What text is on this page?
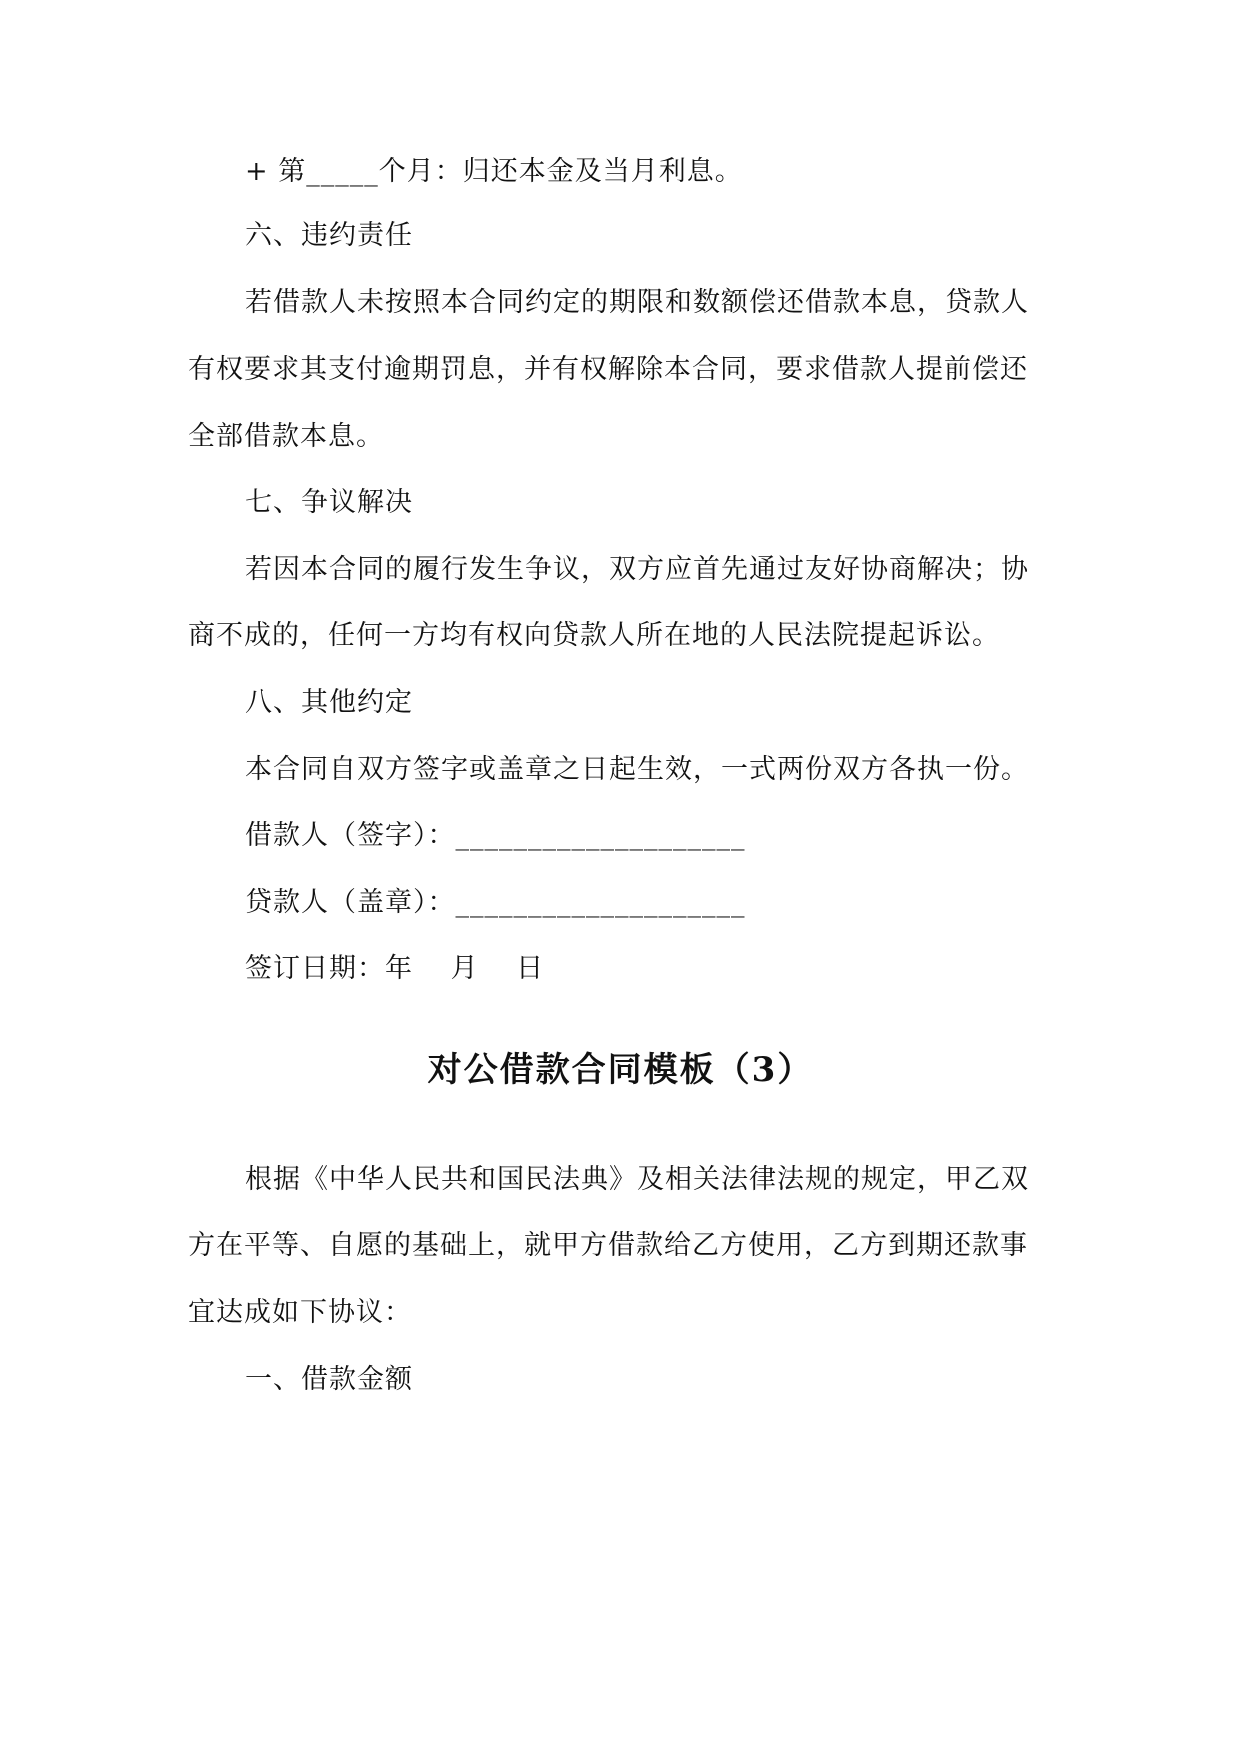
+ 第_____个月：归还本金及当月利息。
六、违约责任
若借款人未按照本合同约定的期限和数额偿还借款本息，贷款人
有权要求其支付逾期罚息，并有权解除本合同，要求借款人提前偿还
全部借款本息。
七、争议解决
若因本合同的履行发生争议，双方应首先通过友好协商解决；协
商不成的，任何一方均有权向贷款人所在地的人民法院提起诉讼。
八、其他约定
本合同自双方签字或盖章之日起生效，一式两份双方各执一份。
借款人（签字）：____________________
贷款人（盖章）：____________________
签订日期：年　 月　 日
对公借款合同模板（3）
根据《中华人民共和国民法典》及相关法律法规的规定，甲乙双
方在平等、自愿的基础上，就甲方借款给乙方使用，乙方到期还款事
宜达成如下协议：
一、借款金额
